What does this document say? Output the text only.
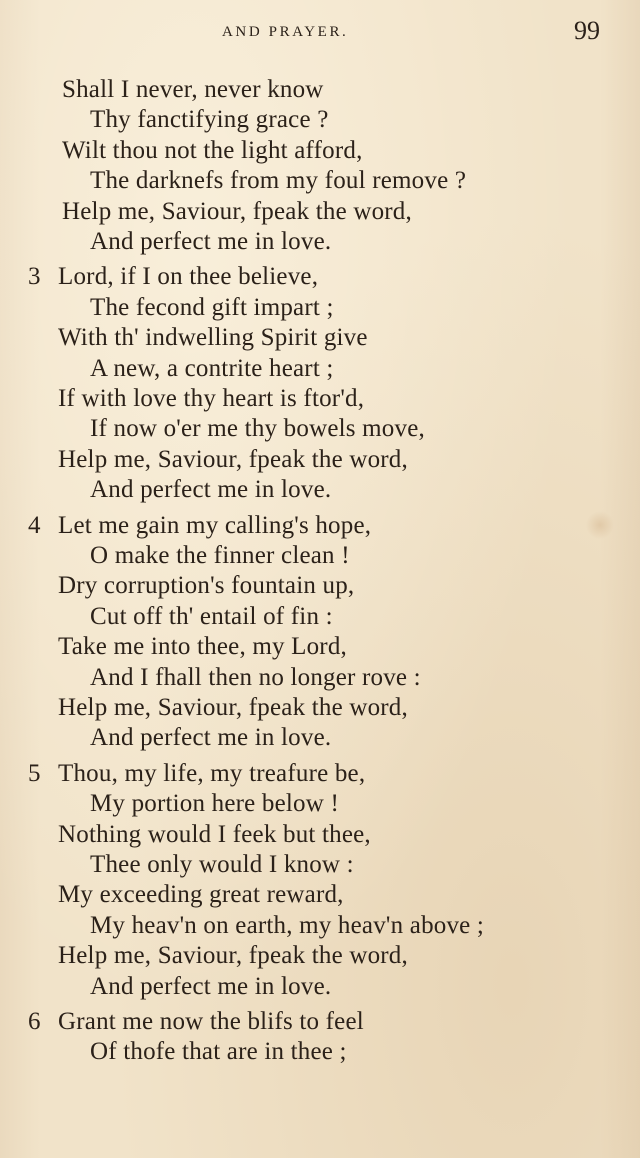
AND PRAYER.	99
Shall I never, never know
Thy fanctifying grace ?
Wilt thou not the light afford,
The darknefs from my foul remove ?
Help me, Saviour, fpeak the word,
And perfect me in love.
3 Lord, if I on thee believe,
The fecond gift impart ;
With th' indwelling Spirit give
A new, a contrite heart ;
If with love thy heart is ftor'd,
If now o'er me thy bowels move,
Help me, Saviour, fpeak the word,
And perfect me in love.
4 Let me gain my calling's hope,
O make the finner clean !
Dry corruption's fountain up,
Cut off th' entail of fin :
Take me into thee, my Lord,
And I fhall then no longer rove :
Help me, Saviour, fpeak the word,
And perfect me in love.
5 Thou, my life, my treafure be,
My portion here below !
Nothing would I feek but thee,
Thee only would I know :
My exceeding great reward,
My heav'n on earth, my heav'n above ;
Help me, Saviour, fpeak the word,
And perfect me in love.
6 Grant me now the blifs to feel
Of thofe that are in thee ;
